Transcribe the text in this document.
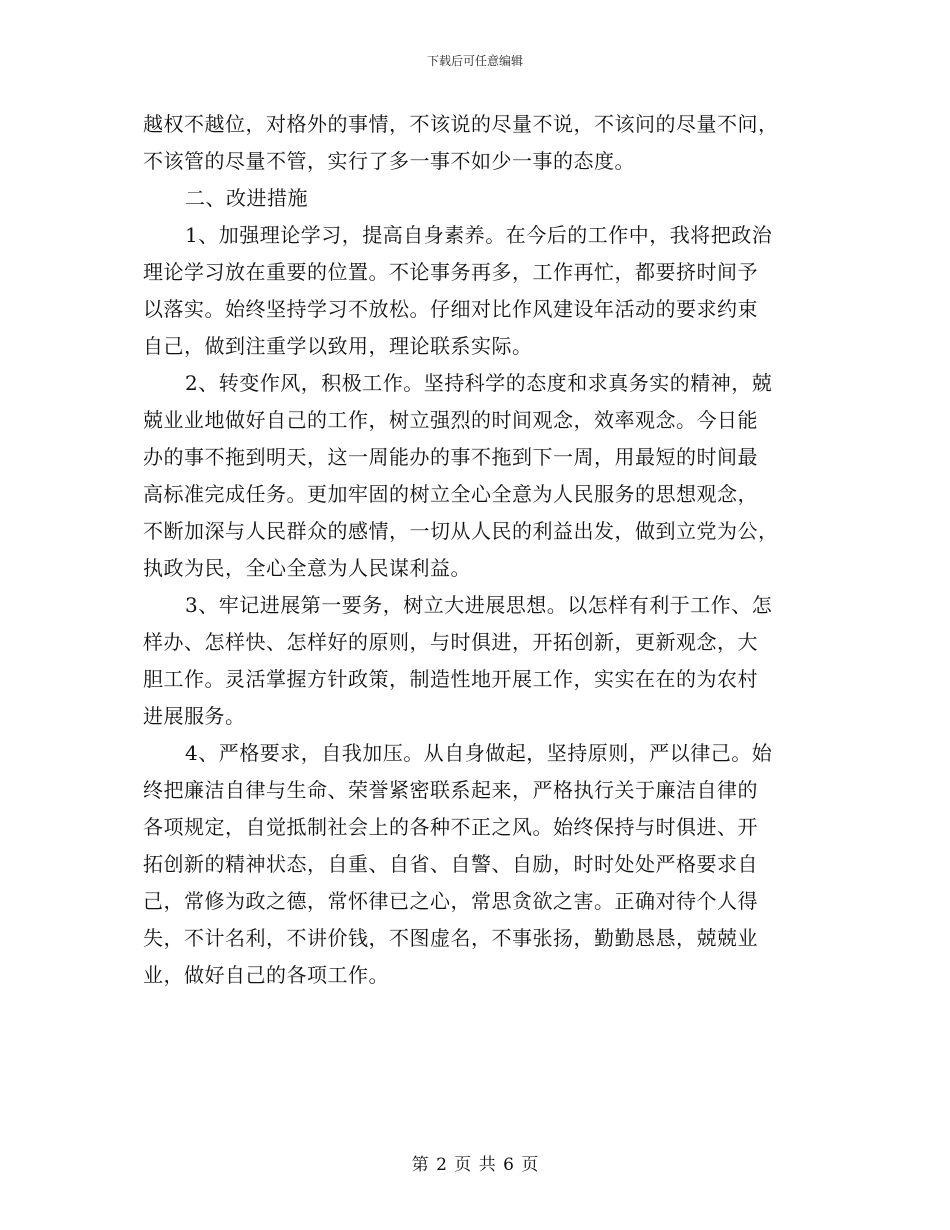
下载后可任意编辑
越权不越位，对格外的事情，不该说的尽量不说，不该问的尽量不问，
不该管的尽量不管，实行了多一事不如少一事的态度。
二、改进措施
1、加强理论学习，提高自身素养。在今后的工作中，我将把政治
理论学习放在重要的位置。不论事务再多，工作再忙，都要挤时间予
以落实。始终坚持学习不放松。仔细对比作风建设年活动的要求约束
自己，做到注重学以致用，理论联系实际。
2、转变作风，积极工作。坚持科学的态度和求真务实的精神，兢
兢业业地做好自己的工作，树立强烈的时间观念，效率观念。今日能
办的事不拖到明天，这一周能办的事不拖到下一周，用最短的时间最
高标准完成任务。更加牢固的树立全心全意为人民服务的思想观念，
不断加深与人民群众的感情，一切从人民的利益出发，做到立党为公，
执政为民，全心全意为人民谋利益。
3、牢记进展第一要务，树立大进展思想。以怎样有利于工作、怎
样办、怎样快、怎样好的原则，与时俱进，开拓创新，更新观念，大
胆工作。灵活掌握方针政策，制造性地开展工作，实实在在的为农村
进展服务。
4、严格要求，自我加压。从自身做起，坚持原则，严以律己。始
终把廉洁自律与生命、荣誉紧密联系起来，严格执行关于廉洁自律的
各项规定，自觉抵制社会上的各种不正之风。始终保持与时俱进、开
拓创新的精神状态，自重、自省、自警、自励，时时处处严格要求自
己，常修为政之德，常怀律已之心，常思贪欲之害。正确对待个人得
失，不计名利，不讲价钱，不图虚名，不事张扬，勤勤恳恳，兢兢业
业，做好自己的各项工作。
第 2 页 共 6 页
